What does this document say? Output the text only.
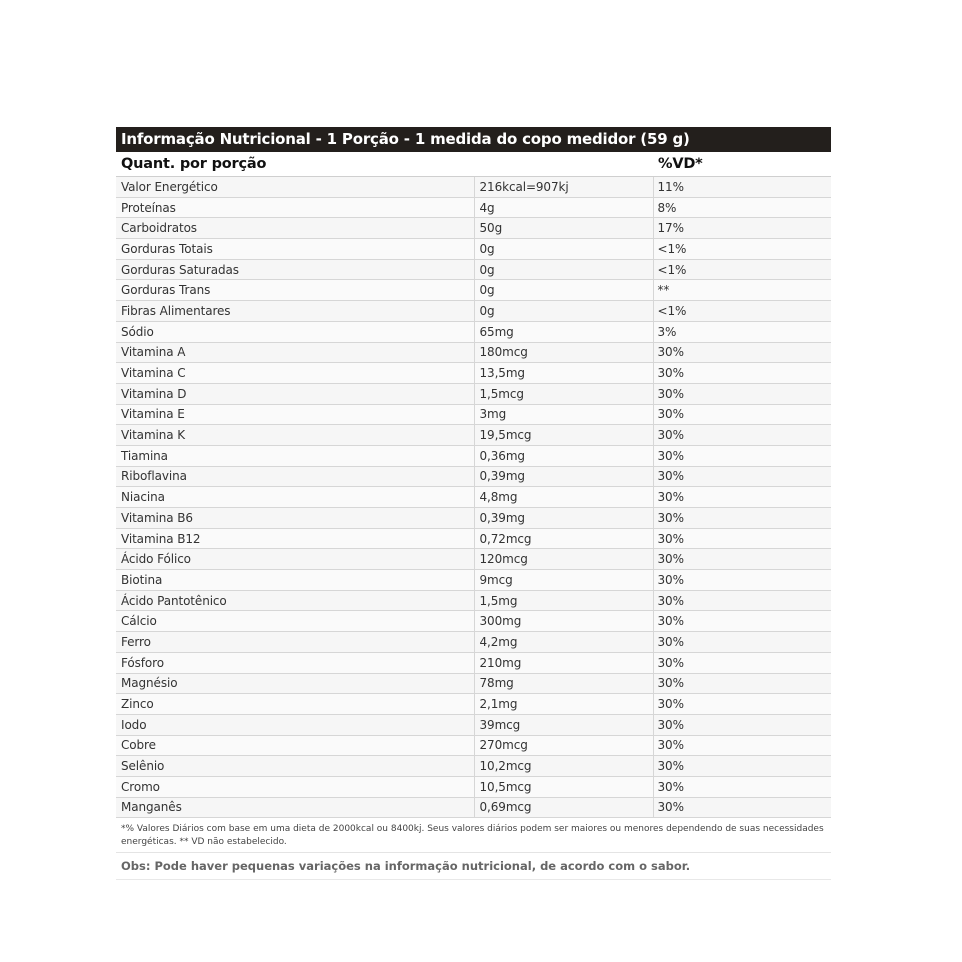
Informação Nutricional - 1 Porção - 1 medida do copo medidor (59 g)
Quant. por porção		%VD*
Valor Energético	216kcal=907kj	11%
Proteínas	4g	8%
Carboidratos	50g	17%
Gorduras Totais	0g	<1%
Gorduras Saturadas	0g	<1%
Gorduras Trans	0g	**
Fibras Alimentares	0g	<1%
Sódio	65mg	3%
Vitamina A	180mcg	30%
Vitamina C	13,5mg	30%
Vitamina D	1,5mcg	30%
Vitamina E	3mg	30%
Vitamina K	19,5mcg	30%
Tiamina	0,36mg	30%
Riboflavina	0,39mg	30%
Niacina	4,8mg	30%
Vitamina B6	0,39mg	30%
Vitamina B12	0,72mcg	30%
Ácido Fólico	120mcg	30%
Biotina	9mcg	30%
Ácido Pantotênico	1,5mg	30%
Cálcio	300mg	30%
Ferro	4,2mg	30%
Fósforo	210mg	30%
Magnésio	78mg	30%
Zinco	2,1mg	30%
Iodo	39mcg	30%
Cobre	270mcg	30%
Selênio	10,2mcg	30%
Cromo	10,5mcg	30%
Manganês	0,69mcg	30%
*% Valores Diários com base em uma dieta de 2000kcal ou 8400kj. Seus valores diários podem ser maiores ou menores dependendo de suas necessidades energéticas. ** VD não estabelecido.
Obs: Pode haver pequenas variações na informação nutricional, de acordo com o sabor.
